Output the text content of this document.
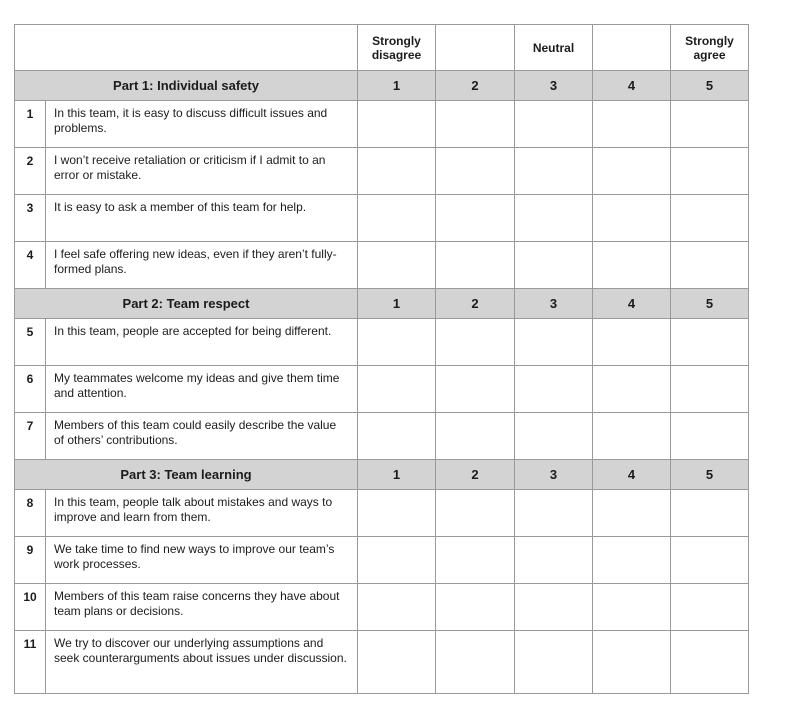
		Strongly disagree		Neutral		Strongly agree
Part 1: Individual safety		1	2	3	4	5
1	In this team, it is easy to discuss difficult issues and problems.					
2	I won’t receive retaliation or criticism if I admit to an error or mistake.					
3	It is easy to ask a member of this team for help.					
4	I feel safe offering new ideas, even if they aren’t fully-formed plans.					
Part 2: Team respect		1	2	3	4	5
5	In this team, people are accepted for being different.					
6	My teammates welcome my ideas and give them time and attention.					
7	Members of this team could easily describe the value of others’ contributions.					
Part 3: Team learning		1	2	3	4	5
8	In this team, people talk about mistakes and ways to improve and learn from them.					
9	We take time to find new ways to improve our team’s work processes.					
10	Members of this team raise concerns they have about team plans or decisions.					
11	We try to discover our underlying assumptions and seek counterarguments about issues under discussion.					
